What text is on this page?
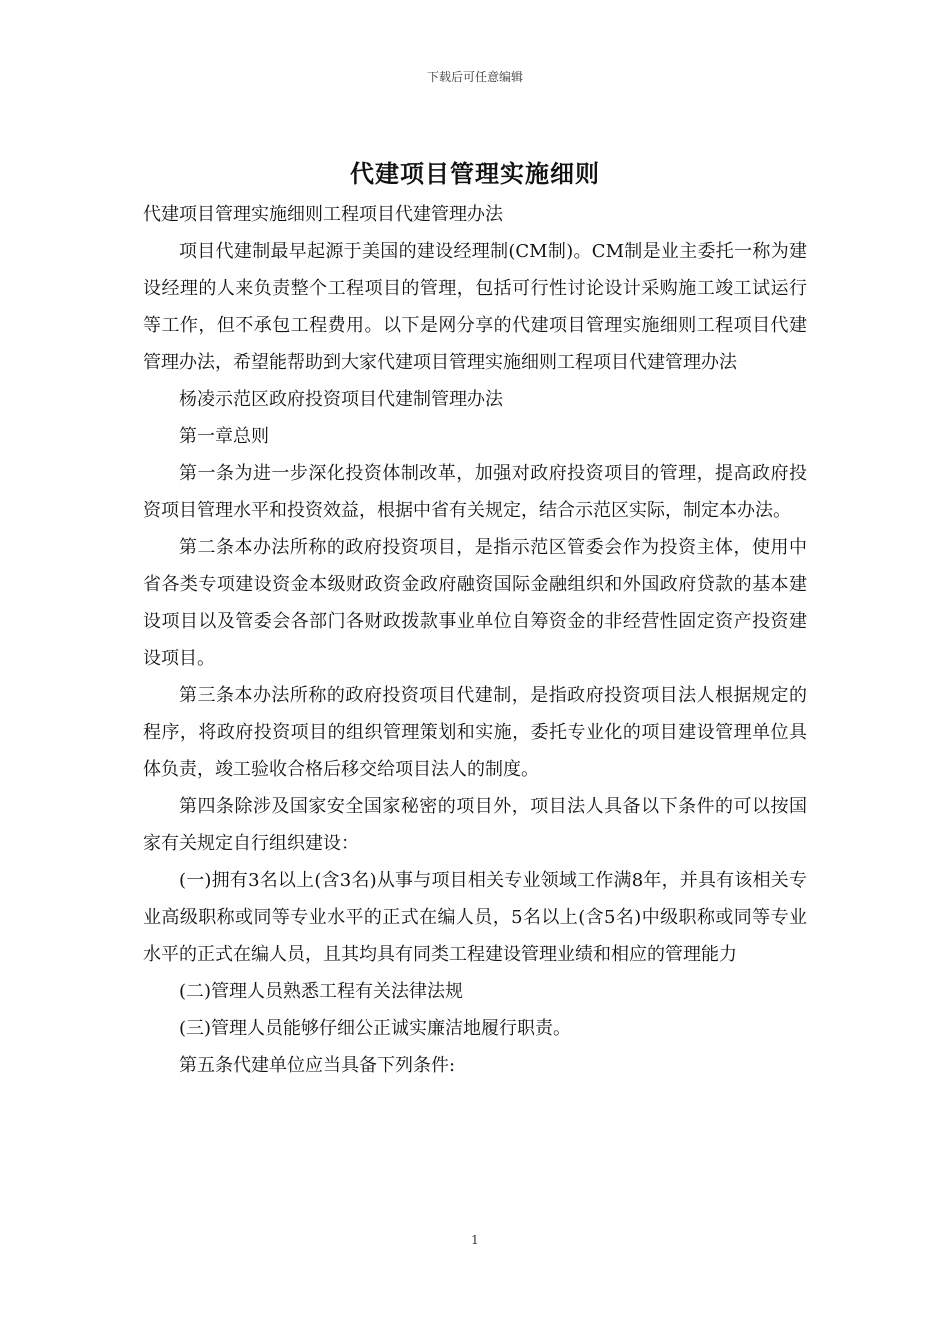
下载后可任意编辑
代建项目管理实施细则

代建项目管理实施细则工程项目代建管理办法

项目代建制最早起源于美国的建设经理制(CM制)。CM制是业主委托一称为建设经理的人来负责整个工程项目的管理，包括可行性讨论设计采购施工竣工试运行等工作，但不承包工程费用。以下是网分享的代建项目管理实施细则工程项目代建管理办法，希望能帮助到大家代建项目管理实施细则工程项目代建管理办法

杨凌示范区政府投资项目代建制管理办法

第一章总则

第一条为进一步深化投资体制改革，加强对政府投资项目的管理，提高政府投资项目管理水平和投资效益，根据中省有关规定，结合示范区实际，制定本办法。

第二条本办法所称的政府投资项目，是指示范区管委会作为投资主体，使用中省各类专项建设资金本级财政资金政府融资国际金融组织和外国政府贷款的基本建设项目以及管委会各部门各财政拨款事业单位自筹资金的非经营性固定资产投资建设项目。

第三条本办法所称的政府投资项目代建制，是指政府投资项目法人根据规定的程序，将政府投资项目的组织管理策划和实施，委托专业化的项目建设管理单位具体负责，竣工验收合格后移交给项目法人的制度。

第四条除涉及国家安全国家秘密的项目外，项目法人具备以下条件的可以按国家有关规定自行组织建设：

(一)拥有3名以上(含3名)从事与项目相关专业领域工作满8年，并具有该相关专业高级职称或同等专业水平的正式在编人员，5名以上(含5名)中级职称或同等专业水平的正式在编人员，且其均具有同类工程建设管理业绩和相应的管理能力

(二)管理人员熟悉工程有关法律法规

(三)管理人员能够仔细公正诚实廉洁地履行职责。

第五条代建单位应当具备下列条件:

1
